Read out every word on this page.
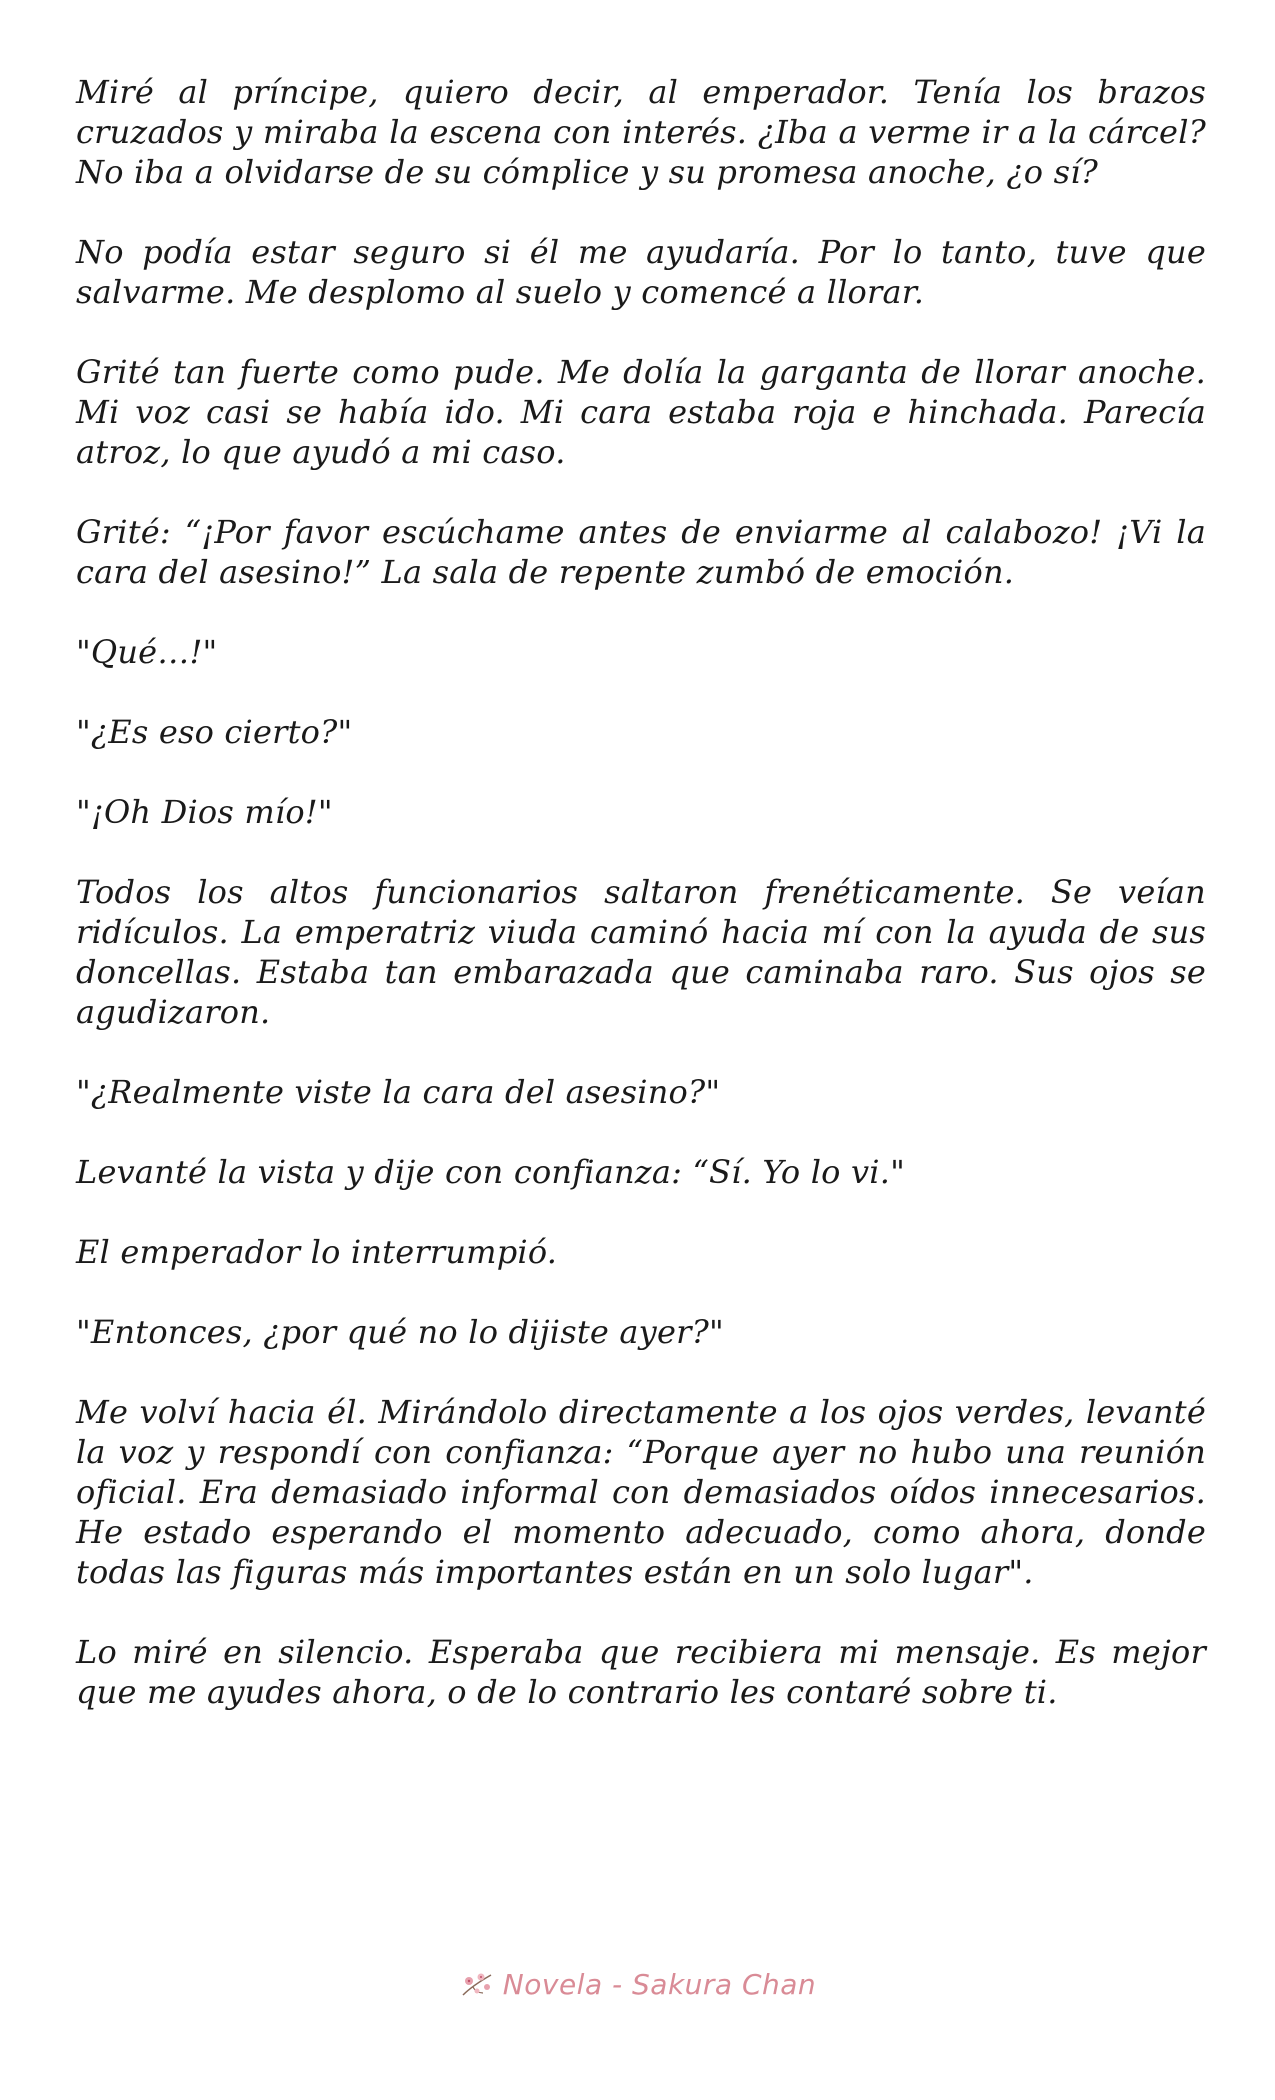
Miré al príncipe, quiero decir, al emperador. Tenía los brazos cruzados y miraba la escena con interés. ¿Iba a verme ir a la cárcel? No iba a olvidarse de su cómplice y su promesa anoche, ¿o sí?

No podía estar seguro si él me ayudaría. Por lo tanto, tuve que salvarme. Me desplomo al suelo y comencé a llorar.

Grité tan fuerte como pude. Me dolía la garganta de llorar anoche. Mi voz casi se había ido. Mi cara estaba roja e hinchada. Parecía atroz, lo que ayudó a mi caso.

Grité: “¡Por favor escúchame antes de enviarme al calabozo! ¡Vi la cara del asesino!” La sala de repente zumbó de emoción.

"Qué…!"

"¿Es eso cierto?"

"¡Oh Dios mío!"

Todos los altos funcionarios saltaron frenéticamente. Se veían ridículos. La emperatriz viuda caminó hacia mí con la ayuda de sus doncellas. Estaba tan embarazada que caminaba raro. Sus ojos se agudizaron.

"¿Realmente viste la cara del asesino?"

Levanté la vista y dije con confianza: “Sí. Yo lo vi."

El emperador lo interrumpió.

"Entonces, ¿por qué no lo dijiste ayer?"

Me volví hacia él. Mirándolo directamente a los ojos verdes, levanté la voz y respondí con confianza: “Porque ayer no hubo una reunión oficial. Era demasiado informal con demasiados oídos innecesarios. He estado esperando el momento adecuado, como ahora, donde todas las figuras más importantes están en un solo lugar".

Lo miré en silencio. Esperaba que recibiera mi mensaje. Es mejor que me ayudes ahora, o de lo contrario les contaré sobre ti.

Novela - Sakura Chan
